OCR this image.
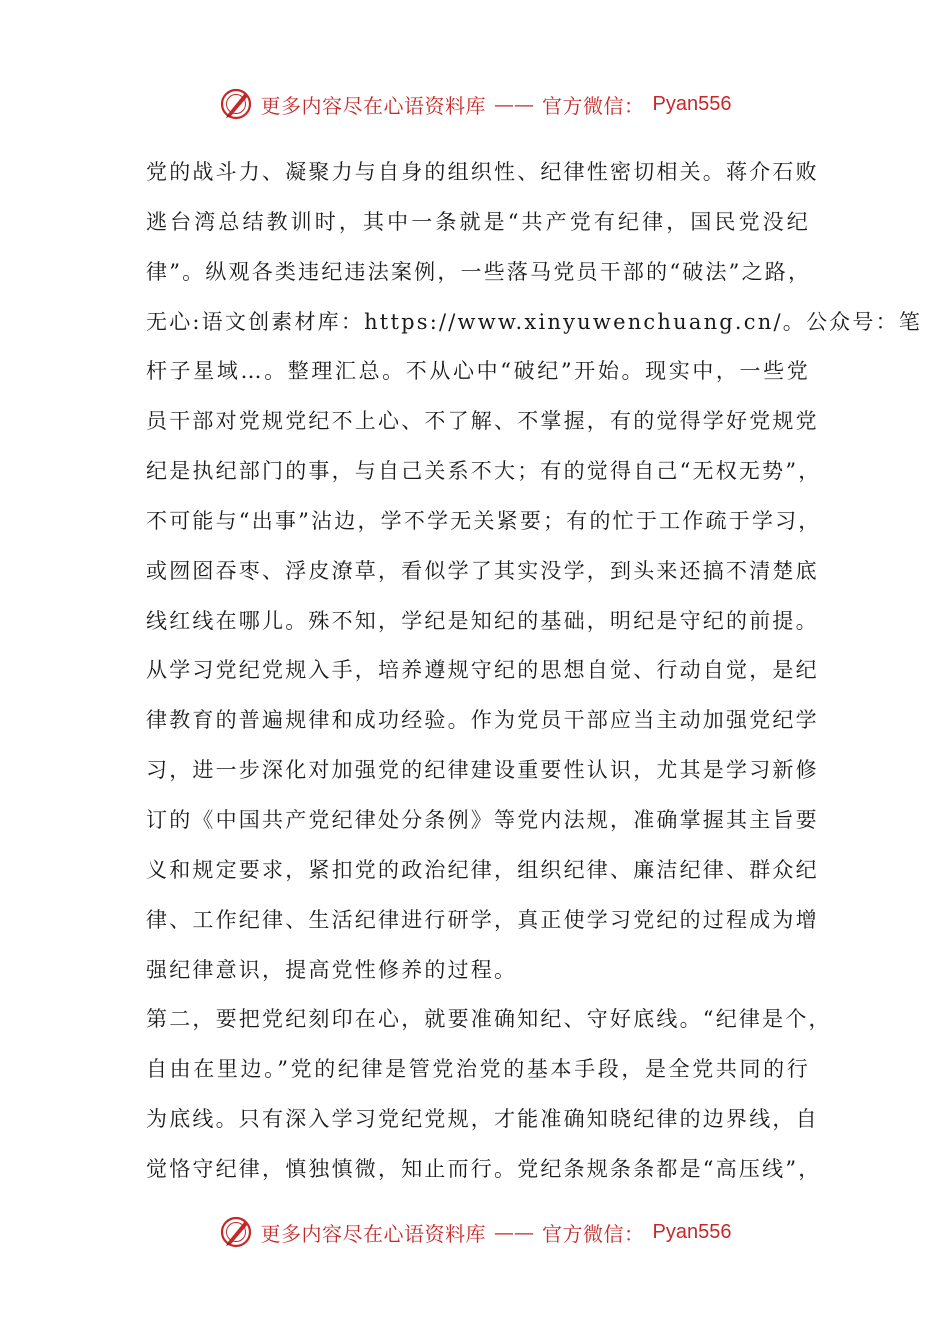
更多内容尽在心语资料库 —— 官方微信： Pyan556
党的战斗力、凝聚力与自身的组织性、纪律性密切相关。蒋介石败
逃台湾总结教训时，其中一条就是“共产党有纪律，国民党没纪
律”。纵观各类违纪违法案例，一些落马党员干部的“破法”之路，
无心:语文创素材库：https://www.xinyuwenchuang.cn/。公众号：笔
杆子星域…。整理汇总。不从心中“破纪”开始。现实中，一些党
员干部对党规党纪不上心、不了解、不掌握，有的觉得学好党规党
纪是执纪部门的事，与自己关系不大；有的觉得自己“无权无势”，
不可能与“出事”沾边，学不学无关紧要；有的忙于工作疏于学习，
或囫囵吞枣、浮皮潦草，看似学了其实没学，到头来还搞不清楚底
线红线在哪儿。殊不知，学纪是知纪的基础，明纪是守纪的前提。
从学习党纪党规入手，培养遵规守纪的思想自觉、行动自觉，是纪
律教育的普遍规律和成功经验。作为党员干部应当主动加强党纪学
习，进一步深化对加强党的纪律建设重要性认识，尤其是学习新修
订的《中国共产党纪律处分条例》等党内法规，准确掌握其主旨要
义和规定要求，紧扣党的政治纪律，组织纪律、廉洁纪律、群众纪
律、工作纪律、生活纪律进行研学，真正使学习党纪的过程成为增
强纪律意识，提高党性修养的过程。
第二，要把党纪刻印在心，就要准确知纪、守好底线。“纪律是个，
自由在里边。”党的纪律是管党治党的基本手段，是全党共同的行
为底线。只有深入学习党纪党规，才能准确知晓纪律的边界线，自
觉恪守纪律，慎独慎微，知止而行。党纪条规条条都是“高压线”，
更多内容尽在心语资料库 —— 官方微信： Pyan556
